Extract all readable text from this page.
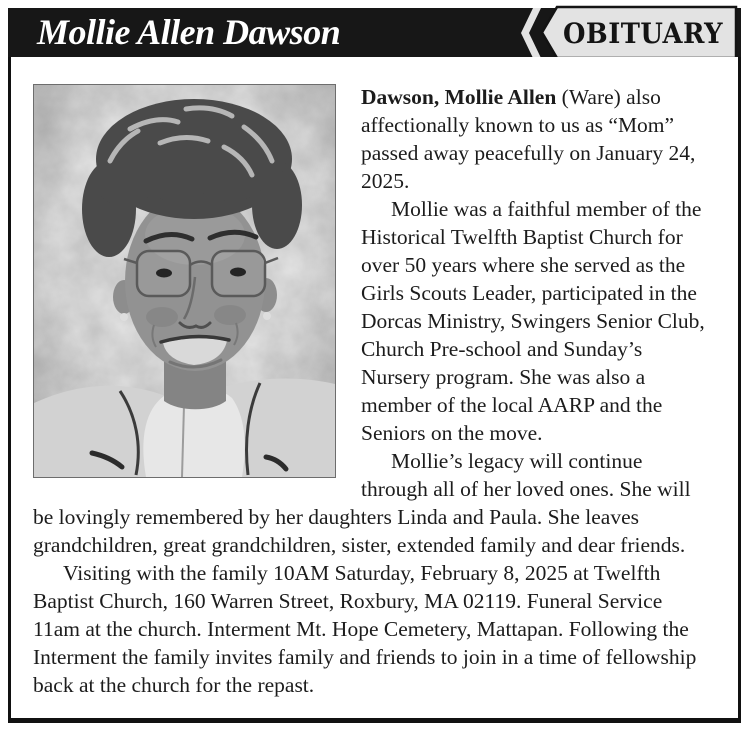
Mollie Allen Dawson	OBITUARY

Dawson, Mollie Allen (Ware) also affectionally known to us as “Mom” passed away peacefully on January 24, 2025.

Mollie was a faithful member of the Historical Twelfth Baptist Church for over 50 years where she served as the Girls Scouts Leader, participated in the Dorcas Ministry, Swingers Senior Club, Church Pre-school and Sunday’s Nursery program. She was also a member of the local AARP and the Seniors on the move.

Mollie’s legacy will continue through all of her loved ones. She will be lovingly remembered by her daughters Linda and Paula. She leaves grandchildren, great grandchildren, sister, extended family and dear friends.

Visiting with the family 10AM Saturday, February 8, 2025 at Twelfth Baptist Church, 160 Warren Street, Roxbury, MA 02119. Funeral Service 11am at the church. Interment Mt. Hope Cemetery, Mattapan. Following the Interment the family invites family and friends to join in a time of fellowship back at the church for the repast.
